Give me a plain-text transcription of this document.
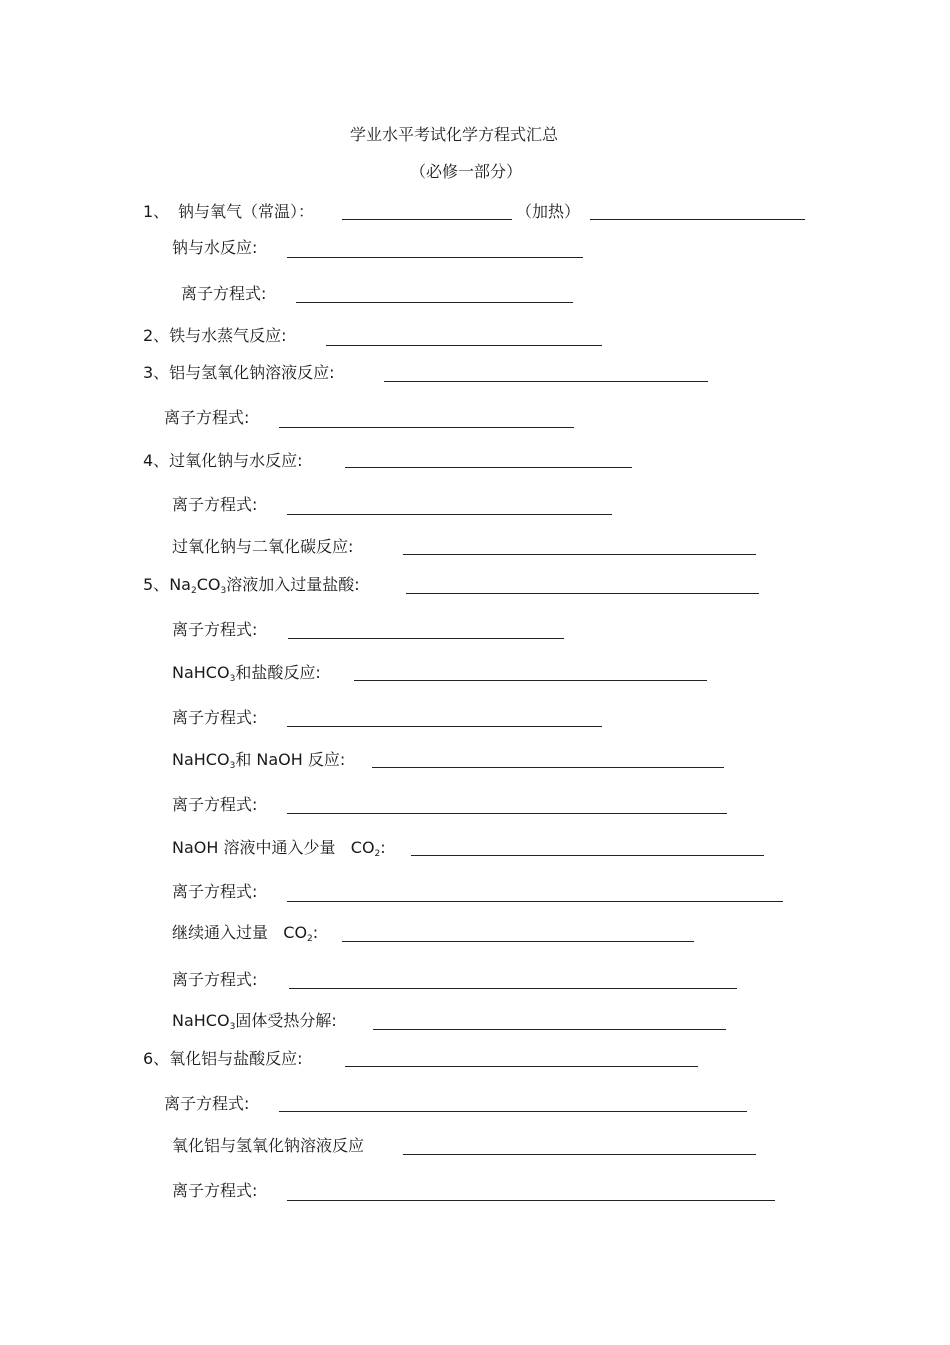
学业水平考试化学方程式汇总
（必修一部分）
1、 钠与氧气（常温）：	（加热）
钠与水反应:
离子方程式:
2、铁与水蒸气反应:
3、铝与氢氧化钠溶液反应:
离子方程式:
4、过氧化钠与水反应:
离子方程式:
过氧化钠与二氧化碳反应:
5、$Na_2CO_3$溶液加入过量盐酸:
离子方程式:
NaHCO$_3$和盐酸反应:
离子方程式:
NaHCO$_3$和 NaOH 反应:
离子方程式:
NaOH 溶液中通入少量 $CO_2$:
离子方程式:
继续通入过量 $CO_2$:
离子方程式:
NaHCO$_3$固体受热分解:
6、氧化铝与盐酸反应:
离子方程式:
氧化铝与氢氧化钠溶液反应
离子方程式:
